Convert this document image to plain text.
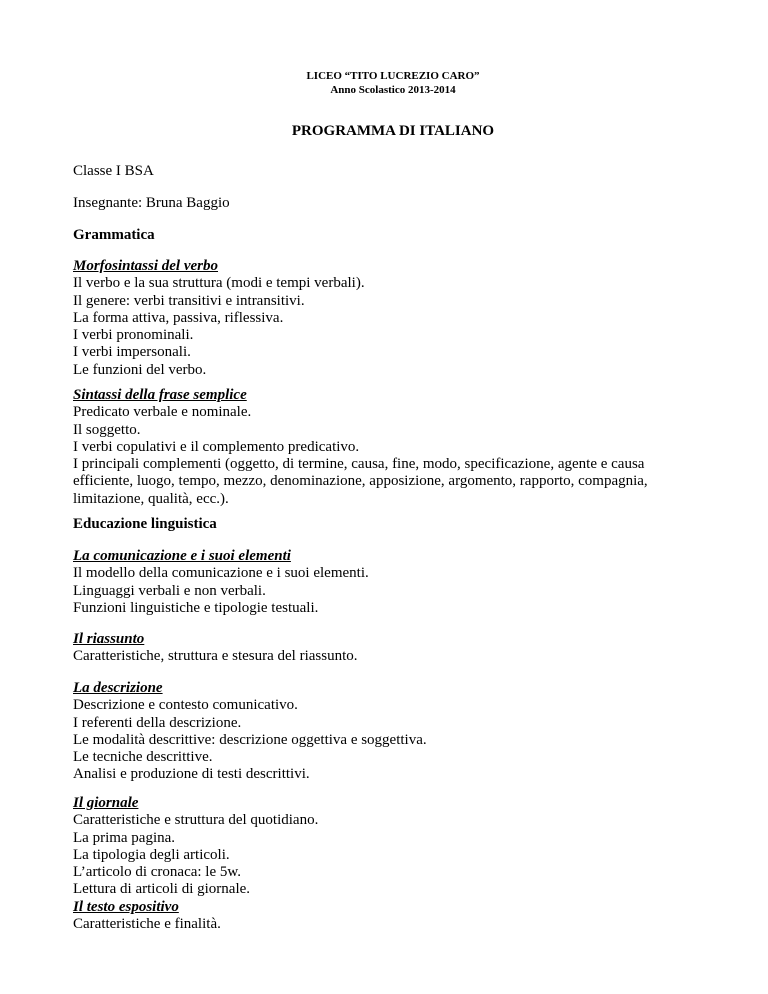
LICEO “TITO LUCREZIO CARO”
Anno Scolastico 2013-2014
PROGRAMMA DI ITALIANO
Classe I BSA
Insegnante: Bruna Baggio
Grammatica
Morfosintassi del verbo
Il verbo e la sua struttura (modi e tempi verbali).
Il genere: verbi transitivi e intransitivi.
La forma attiva, passiva, riflessiva.
I verbi pronominali.
I verbi impersonali.
Le funzioni del verbo.
Sintassi della frase semplice
Predicato verbale e nominale.
Il soggetto.
I verbi copulativi e il complemento predicativo.
I principali complementi (oggetto, di termine, causa, fine, modo, specificazione, agente e causa
efficiente, luogo, tempo, mezzo, denominazione, apposizione, argomento, rapporto, compagnia,
limitazione, qualità, ecc.).
Educazione linguistica
La comunicazione e i suoi elementi
Il modello della comunicazione e i suoi elementi.
Linguaggi verbali e non verbali.
Funzioni linguistiche e tipologie testuali.
Il riassunto
Caratteristiche, struttura e stesura del riassunto.
La descrizione
Descrizione e contesto comunicativo.
I referenti della descrizione.
Le modalità descrittive: descrizione oggettiva e soggettiva.
Le tecniche descrittive.
Analisi e produzione di testi descrittivi.
Il giornale
Caratteristiche e struttura del quotidiano.
La prima pagina.
La tipologia degli articoli.
L’articolo di cronaca: le 5w.
Lettura di articoli di giornale.
Il testo espositivo
Caratteristiche e finalità.
